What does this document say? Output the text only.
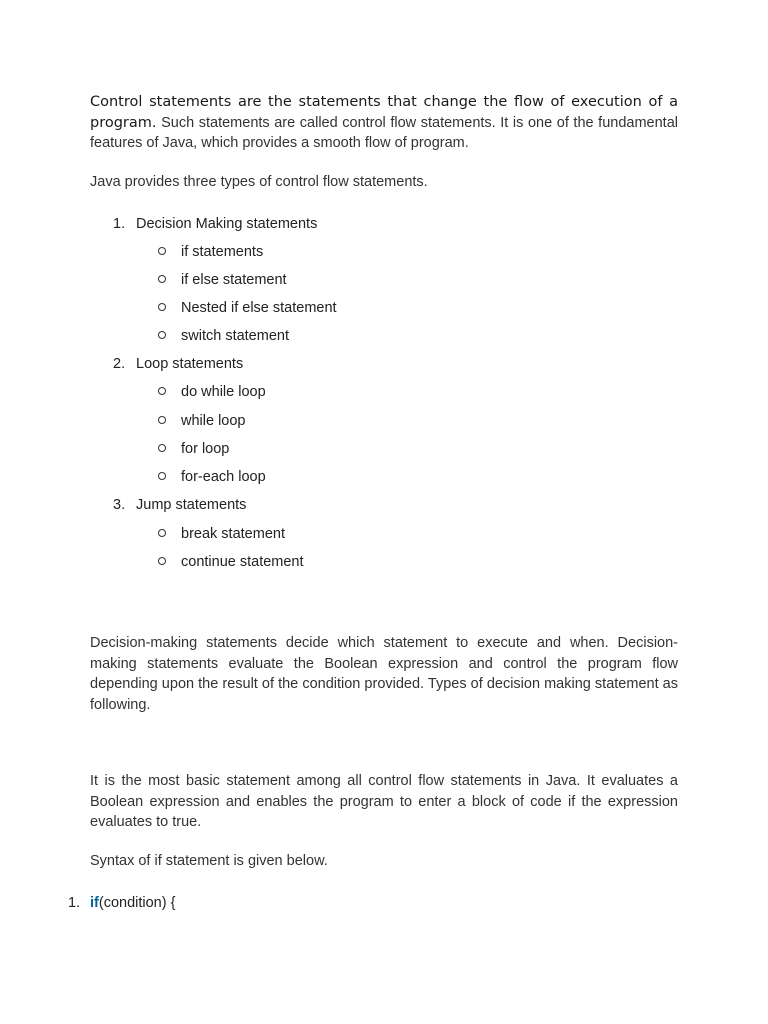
Control statements are the statements that change the flow of execution of a program. Such statements are called control flow statements. It is one of the fundamental features of Java, which provides a smooth flow of program.

Java provides three types of control flow statements.

1. Decision Making statements
if statements
if else statement
Nested if else statement
switch statement
2. Loop statements
do while loop
while loop
for loop
for-each loop
3. Jump statements
break statement
continue statement

Decision-making statements decide which statement to execute and when. Decision-making statements evaluate the Boolean expression and control the program flow depending upon the result of the condition provided. Types of decision making statement as following.

It is the most basic statement among all control flow statements in Java. It evaluates a Boolean expression and enables the program to enter a block of code if the expression evaluates to true.

Syntax of if statement is given below.

1. if(condition) {
